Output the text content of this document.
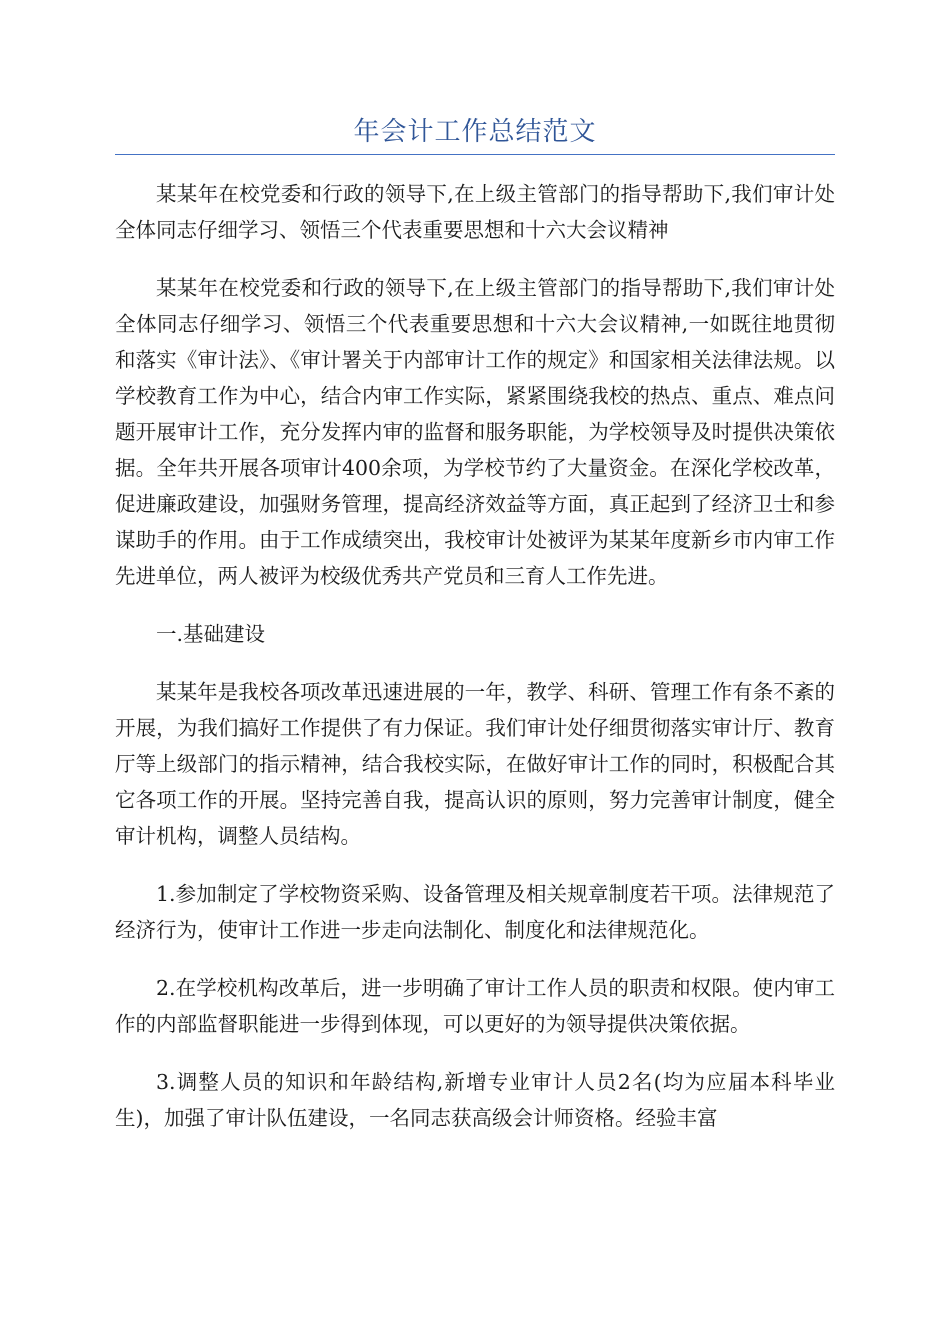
年会计工作总结范文

某某年在校党委和行政的领导下,在上级主管部门的指导帮助下,我们审计处全体同志仔细学习、领悟三个代表重要思想和十六大会议精神

某某年在校党委和行政的领导下,在上级主管部门的指导帮助下,我们审计处全体同志仔细学习、领悟三个代表重要思想和十六大会议精神,一如既往地贯彻和落实《审计法》、《审计署关于内部审计工作的规定》和国家相关法律法规。以学校教育工作为中心，结合内审工作实际，紧紧围绕我校的热点、重点、难点问题开展审计工作，充分发挥内审的监督和服务职能，为学校领导及时提供决策依据。全年共开展各项审计400余项，为学校节约了大量资金。在深化学校改革，促进廉政建设，加强财务管理，提高经济效益等方面，真正起到了经济卫士和参谋助手的作用。由于工作成绩突出，我校审计处被评为某某年度新乡市内审工作先进单位，两人被评为校级优秀共产党员和三育人工作先进。

一.基础建设

某某年是我校各项改革迅速进展的一年，教学、科研、管理工作有条不紊的开展，为我们搞好工作提供了有力保证。我们审计处仔细贯彻落实审计厅、教育厅等上级部门的指示精神，结合我校实际，在做好审计工作的同时，积极配合其它各项工作的开展。坚持完善自我，提高认识的原则，努力完善审计制度，健全审计机构，调整人员结构。

1.参加制定了学校物资采购、设备管理及相关规章制度若干项。法律规范了经济行为，使审计工作进一步走向法制化、制度化和法律规范化。

2.在学校机构改革后，进一步明确了审计工作人员的职责和权限。使内审工作的内部监督职能进一步得到体现，可以更好的为领导提供决策依据。

3.调整人员的知识和年龄结构,新增专业审计人员2名(均为应届本科毕业生)，加强了审计队伍建设，一名同志获高级会计师资格。经验丰富
